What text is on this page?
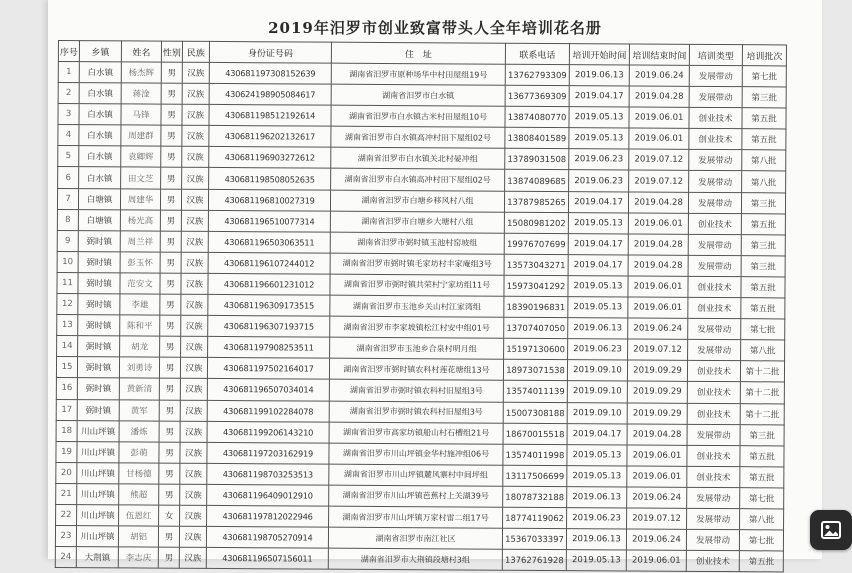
2019年汨罗市创业致富带头人全年培训花名册
序号	乡镇	姓名	性别	民族	身份证号码	住　址	联系电话	培训开始时间	培训结束时间	培训类型	培训批次
1	白水镇	杨杰辉	男	汉族	430681197308152639	湖南省汨罗市原种场华中村田屋组19号	13762793309	2019.06.13	2019.06.24	发展带动	第七批
2	白水镇	蒋淦	男	汉族	430624198905084617	湖南省汨罗市白水镇	13677369309	2019.04.17	2019.04.28	发展带动	第三批
3	白水镇	马锋	男	汉族	430681198512192614	湖南省汨罗市白水镇古米村田屋组10号	13874080770	2019.05.13	2019.06.01	创业技术	第五批
4	白水镇	周建群	男	汉族	430681196202132617	湖南省汨罗市白水镇高冲村田下屋组02号	13808401589	2019.05.13	2019.06.01	创业技术	第五批
5	白水镇	袁卿辉	男	汉族	430681196903272612	湖南省汨罗市白水镇关北村晏冲组	13789031508	2019.06.23	2019.07.12	发展带动	第八批
6	白水镇	田文芝	男	汉族	430681198508052635	湖南省汨罗市白水镇高冲村田下屋组02号	13874089685	2019.06.23	2019.07.12	发展带动	第八批
7	白塘镇	周建华	男	汉族	430681196810027319	湖南省汨罗市白塘乡移风村八组	13787985265	2019.04.17	2019.04.28	发展带动	第三批
8	白塘镇	杨光高	男	汉族	430681196510077314	湖南省汨罗市白塘乡大塘村八组	15080981202	2019.05.13	2019.06.01	创业技术	第五批
9	弼时镇	周兰祥	男	汉族	430681196503063511	湖南省汨罗市弼时镇玉池村窑坡组	19976707699	2019.04.17	2019.04.28	发展带动	第三批
10	弼时镇	彭玉怀	男	汉族	430681196107244012	湖南省汨罗市弼时镇毛家坊村丰家庵组3号	13573043271	2019.04.17	2019.04.28	发展带动	第三批
11	弼时镇	范安文	男	汉族	430681196601231012	湖南省汨罗市弼时镇共荣村宁家坊组11号	15973041292	2019.05.13	2019.06.01	创业技术	第五批
12	弼时镇	李雄	男	汉族	430681196309173515	湖南省汨罗市玉池乡关山村江家湾组	18390196831	2019.05.13	2019.06.01	创业技术	第五批
13	弼时镇	陈和平	男	汉族	430681196307193715	湖南省汨罗市李家坡镇松江村安中组01号	13707407050	2019.06.13	2019.06.24	发展带动	第七批
14	弼时镇	胡龙	男	汉族	430681197908253511	湖南省汨罗市玉池乡合泉村明月组	15197130600	2019.06.23	2019.07.12	发展带动	第八批
15	弼时镇	刘勇诗	男	汉族	430681197502164017	湖南省汨罗市弼时镇农科村莲花塘组13号	18973071538	2019.09.10	2019.09.29	创业技术	第十二批
16	弼时镇	黄新清	男	汉族	430681196507034014	湖南省汨罗市弼时镇农科村旧屋组3号	13574011139	2019.09.10	2019.09.29	创业技术	第十二批
17	弼时镇	黄军	男	汉族	430681199102284078	湖南省汨罗市弼时镇农科村旧屋组3号	15007308188	2019.09.10	2019.09.29	创业技术	第十二批
18	川山坪镇	潘炼	男	汉族	430681199206143210	湖南省汨罗市高家坊镇船山村石槽组21号	18670015518	2019.04.17	2019.04.28	发展带动	第三批
19	川山坪镇	彭萌	男	汉族	430681197203162919	湖南省汨罗市川山坪镇金华村施冲组06号	13574011998	2019.05.13	2019.06.01	创业技术	第五批
20	川山坪镇	甘杨德	男	汉族	430681198703253513	湖南省汨罗市川山坪镇麓风寨村中间坪组	13117506699	2019.05.13	2019.06.01	创业技术	第五批
21	川山坪镇	熊超	男	汉族	430681196409012910	湖南省汨罗市川山坪镇芭蕉村上关湖39号	18078732188	2019.06.13	2019.06.24	发展带动	第七批
22	川山坪镇	伍恩红	女	汉族	430681197812022946	湖南省汨罗市川山坪镇万家村雷二组17号	18774119062	2019.06.23	2019.07.12	发展带动	第八批
23	川山坪镇	胡铝	男	汉族	430681198705270914	湖南省汨罗市南江社区	15367033397	2019.06.13	2019.06.24	发展带动	第七批
24	大荆镇	李志庆	男	汉族	430681196507156011	湖南省汨罗市大荆镇段塘村3组	13762761928	2019.05.13	2019.06.01	创业技术	第五批
